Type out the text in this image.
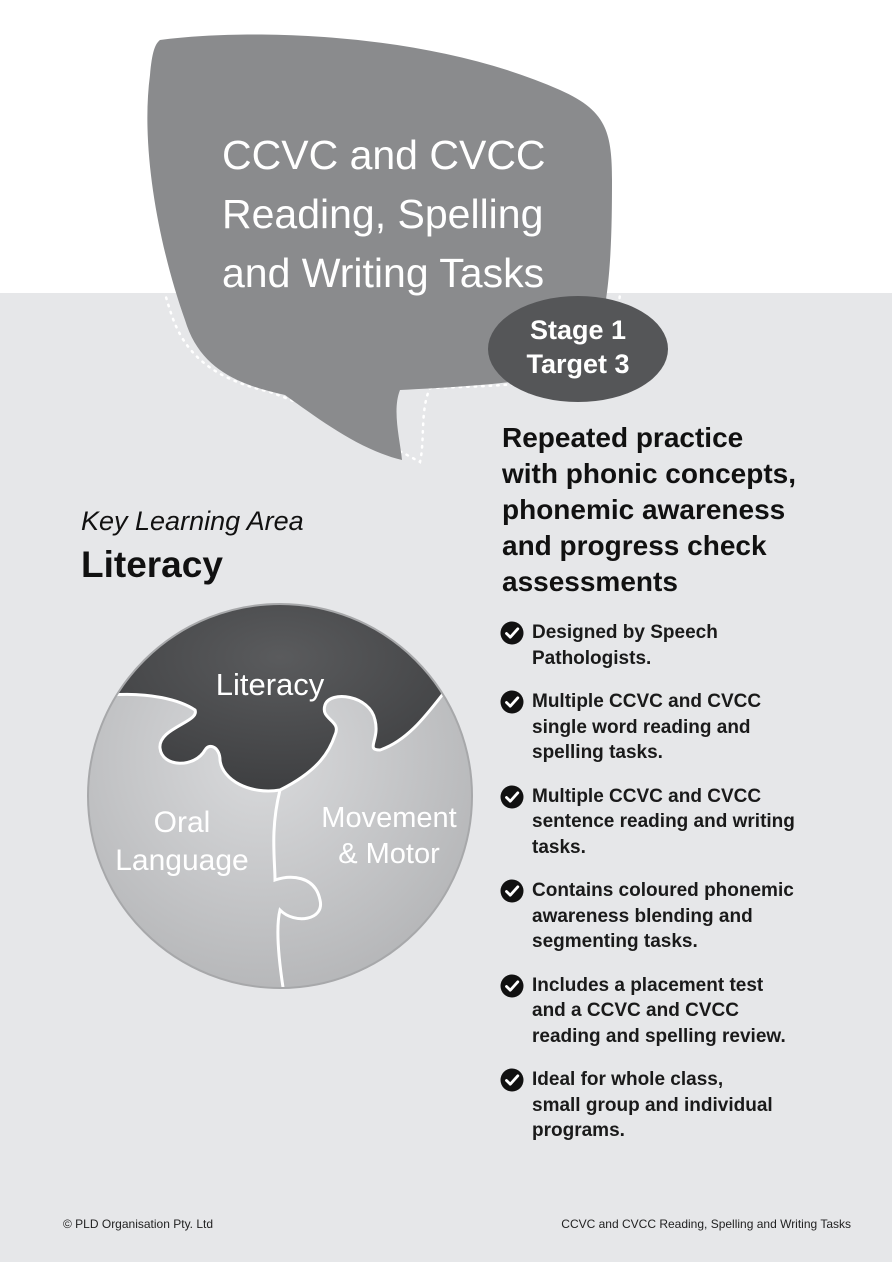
CCVC and CVCC
Reading, Spelling
and Writing Tasks
Stage 1
Target 3
Key Learning Area
Literacy
Literacy
Oral
Language
Movement
& Motor
Repeated practice
with phonic concepts,
phonemic awareness
and progress check
assessments
Designed by Speech
Pathologists.
Multiple CCVC and CVCC
single word reading and
spelling tasks.
Multiple CCVC and CVCC
sentence reading and writing
tasks.
Contains coloured phonemic
awareness blending and
segmenting tasks.
Includes a placement test
and a CCVC and CVCC
reading and spelling review.
Ideal for whole class,
small group and individual
programs.
© PLD Organisation Pty. Ltd	CCVC and CVCC Reading, Spelling and Writing Tasks
